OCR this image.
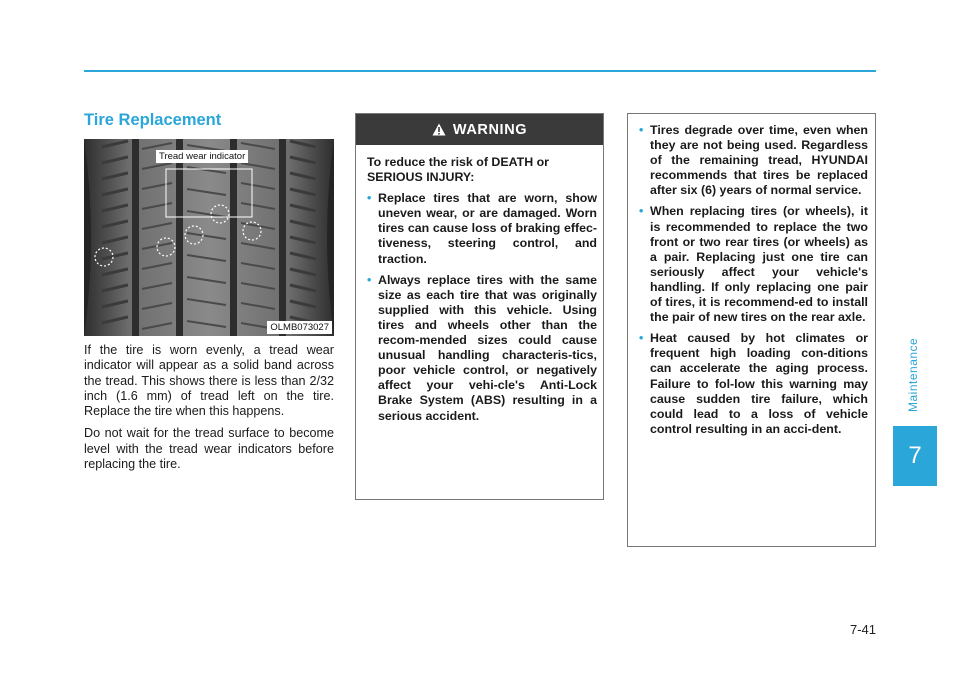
Tire Replacement
Tread wear indicator
OLMB073027

If the tire is worn evenly, a tread wear indicator will appear as a solid band across the tread. This shows there is less than 2/32 inch (1.6 mm) of tread left on the tire. Replace the tire when this happens.

Do not wait for the tread surface to become level with the tread wear indicators before replacing the tire.

WARNING

To reduce the risk of DEATH or SERIOUS INJURY:

• Replace tires that are worn, show uneven wear, or are damaged. Worn tires can cause loss of braking effec-tiveness, steering control, and traction.
• Always replace tires with the same size as each tire that was originally supplied with this vehicle. Using tires and wheels other than the recom-mended sizes could cause unusual handling characteris-tics, poor vehicle control, or negatively affect your vehi-cle's Anti-Lock Brake System (ABS) resulting in a serious accident.
• Tires degrade over time, even when they are not being used. Regardless of the remaining tread, HYUNDAI recommends that tires be replaced after six (6) years of normal service.
• When replacing tires (or wheels), it is recommended to replace the two front or two rear tires (or wheels) as a pair. Replacing just one tire can seriously affect your vehicle's handling. If only replacing one pair of tires, it is recommend-ed to install the pair of new tires on the rear axle.
• Heat caused by hot climates or frequent high loading con-ditions can accelerate the aging process. Failure to fol-low this warning may cause sudden tire failure, which could lead to a loss of vehicle control resulting in an acci-dent.
Maintenance
7
7-41
